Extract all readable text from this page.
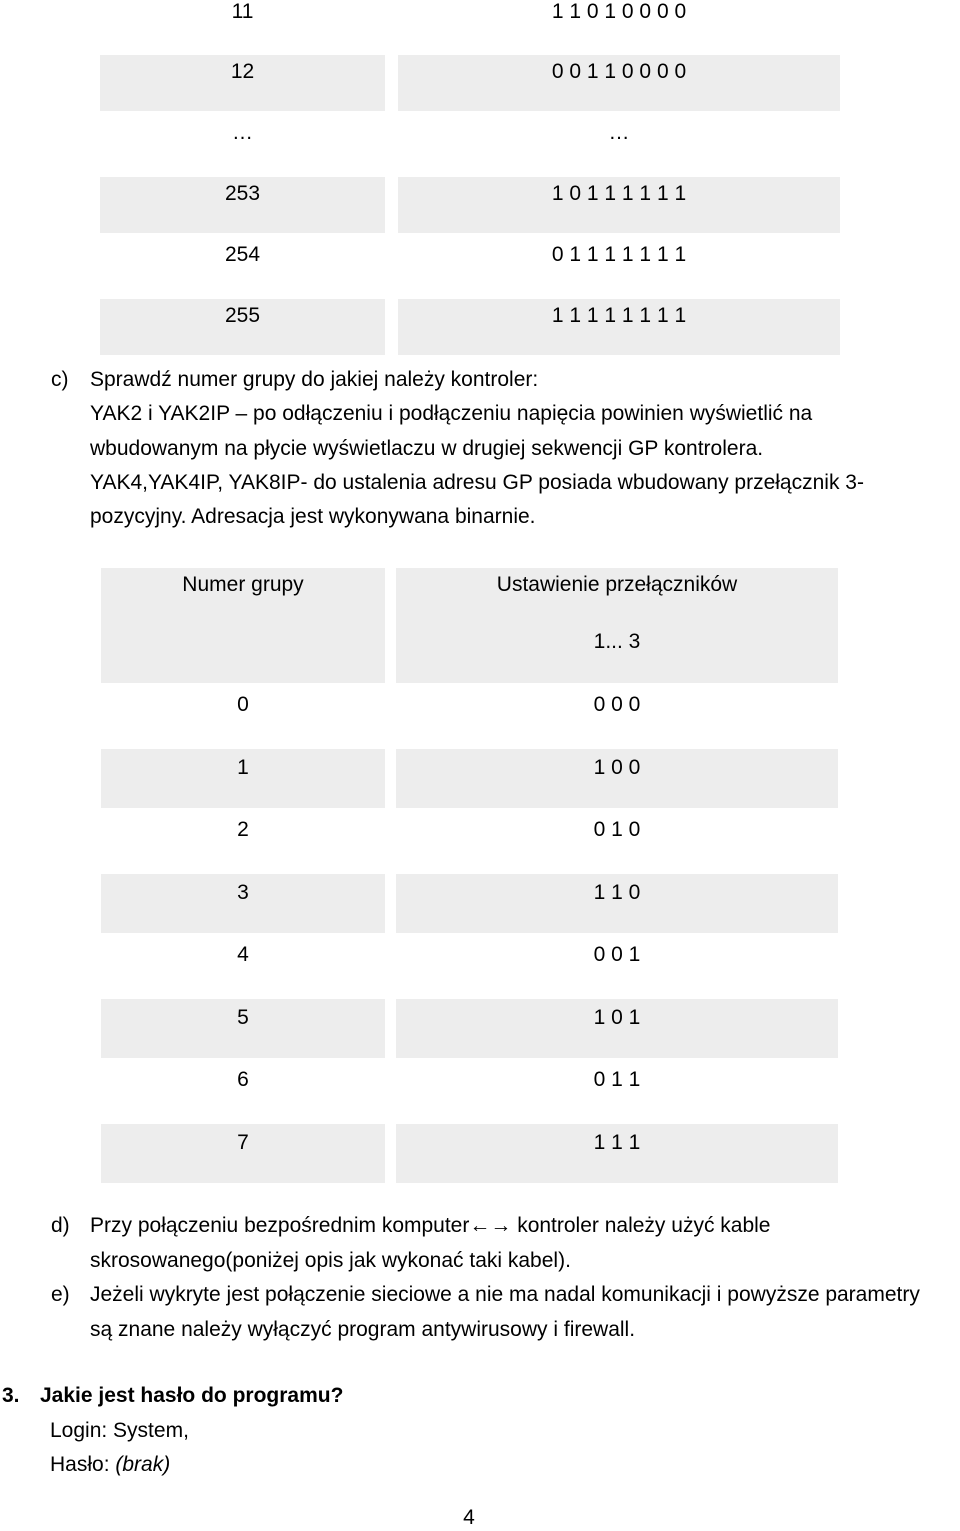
11	1 1 0 1 0 0 0 0
12	0 0 1 1 0 0 0 0
…	…
253	1 0 1 1 1 1 1 1
254	0 1 1 1 1 1 1 1
255	1 1 1 1 1 1 1 1
c)	Sprawdź numer grupy do jakiej należy kontroler:
YAK2 i YAK2IP – po odłączeniu i podłączeniu napięcia powinien wyświetlić na
wbudowanym na płycie wyświetlaczu w drugiej sekwencji GP kontrolera.
YAK4,YAK4IP, YAK8IP- do ustalenia adresu GP posiada wbudowany przełącznik 3-
pozycyjny. Adresacja jest wykonywana binarnie.
Numer grupy	Ustawienie przełączników
1... 3
0	0 0 0
1	1 0 0
2	0 1 0
3	1 1 0
4	0 0 1
5	1 0 1
6	0 1 1
7	1 1 1
d) Przy połączeniu bezpośrednim komputer←→ kontroler należy użyć kable
skrosowanego(poniżej opis jak wykonać taki kabel).
e) Jeżeli wykryte jest połączenie sieciowe a nie ma nadal komunikacji i powyższe parametry
są znane należy wyłączyć program antywirusowy i firewall.
3. Jakie jest hasło do programu?
Login: System,
Hasło: (brak)
4
